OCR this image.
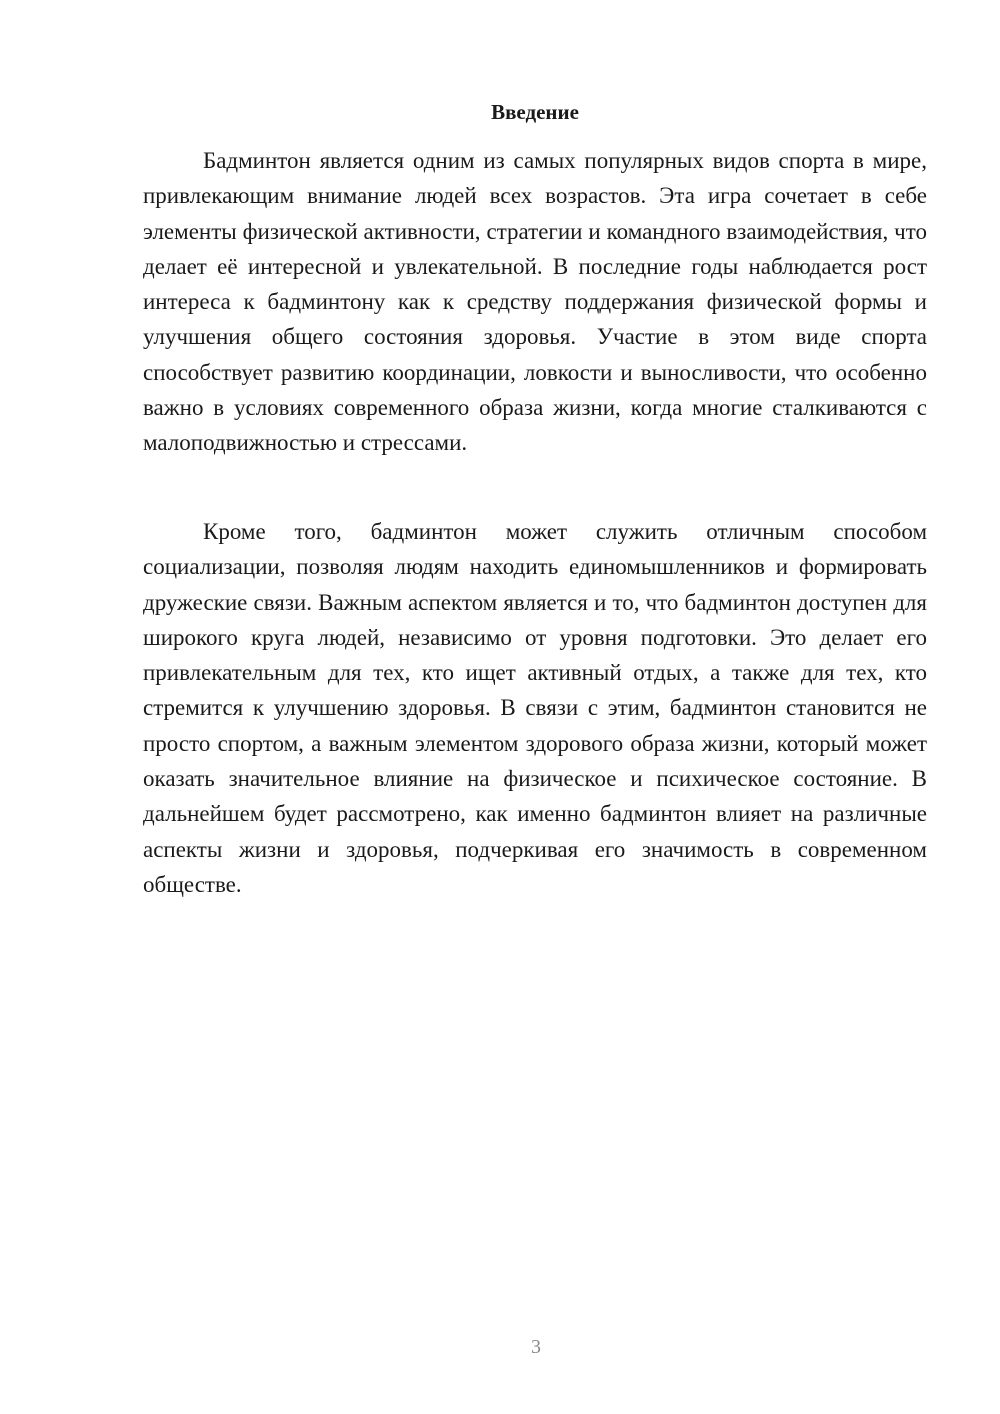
Введение

Бадминтон является одним из самых популярных видов спорта в мире, привлекающим внимание людей всех возрастов. Эта игра сочетает в себе элементы физической активности, стратегии и командного взаимодействия, что делает её интересной и увлекательной. В последние годы наблюдается рост интереса к бадминтону как к средству поддержания физической формы и улучшения общего состояния здоровья. Участие в этом виде спорта способствует развитию координации, ловкости и выносливости, что особенно важно в условиях современного образа жизни, когда многие сталкиваются с малоподвижностью и стрессами.

Кроме того, бадминтон может служить отличным способом социализации, позволяя людям находить единомышленников и формировать дружеские связи. Важным аспектом является и то, что бадминтон доступен для широкого круга людей, независимо от уровня подготовки. Это делает его привлекательным для тех, кто ищет активный отдых, а также для тех, кто стремится к улучшению здоровья. В связи с этим, бадминтон становится не просто спортом, а важным элементом здорового образа жизни, который может оказать значительное влияние на физическое и психическое состояние. В дальнейшем будет рассмотрено, как именно бадминтон влияет на различные аспекты жизни и здоровья, подчеркивая его значимость в современном обществе.

3
